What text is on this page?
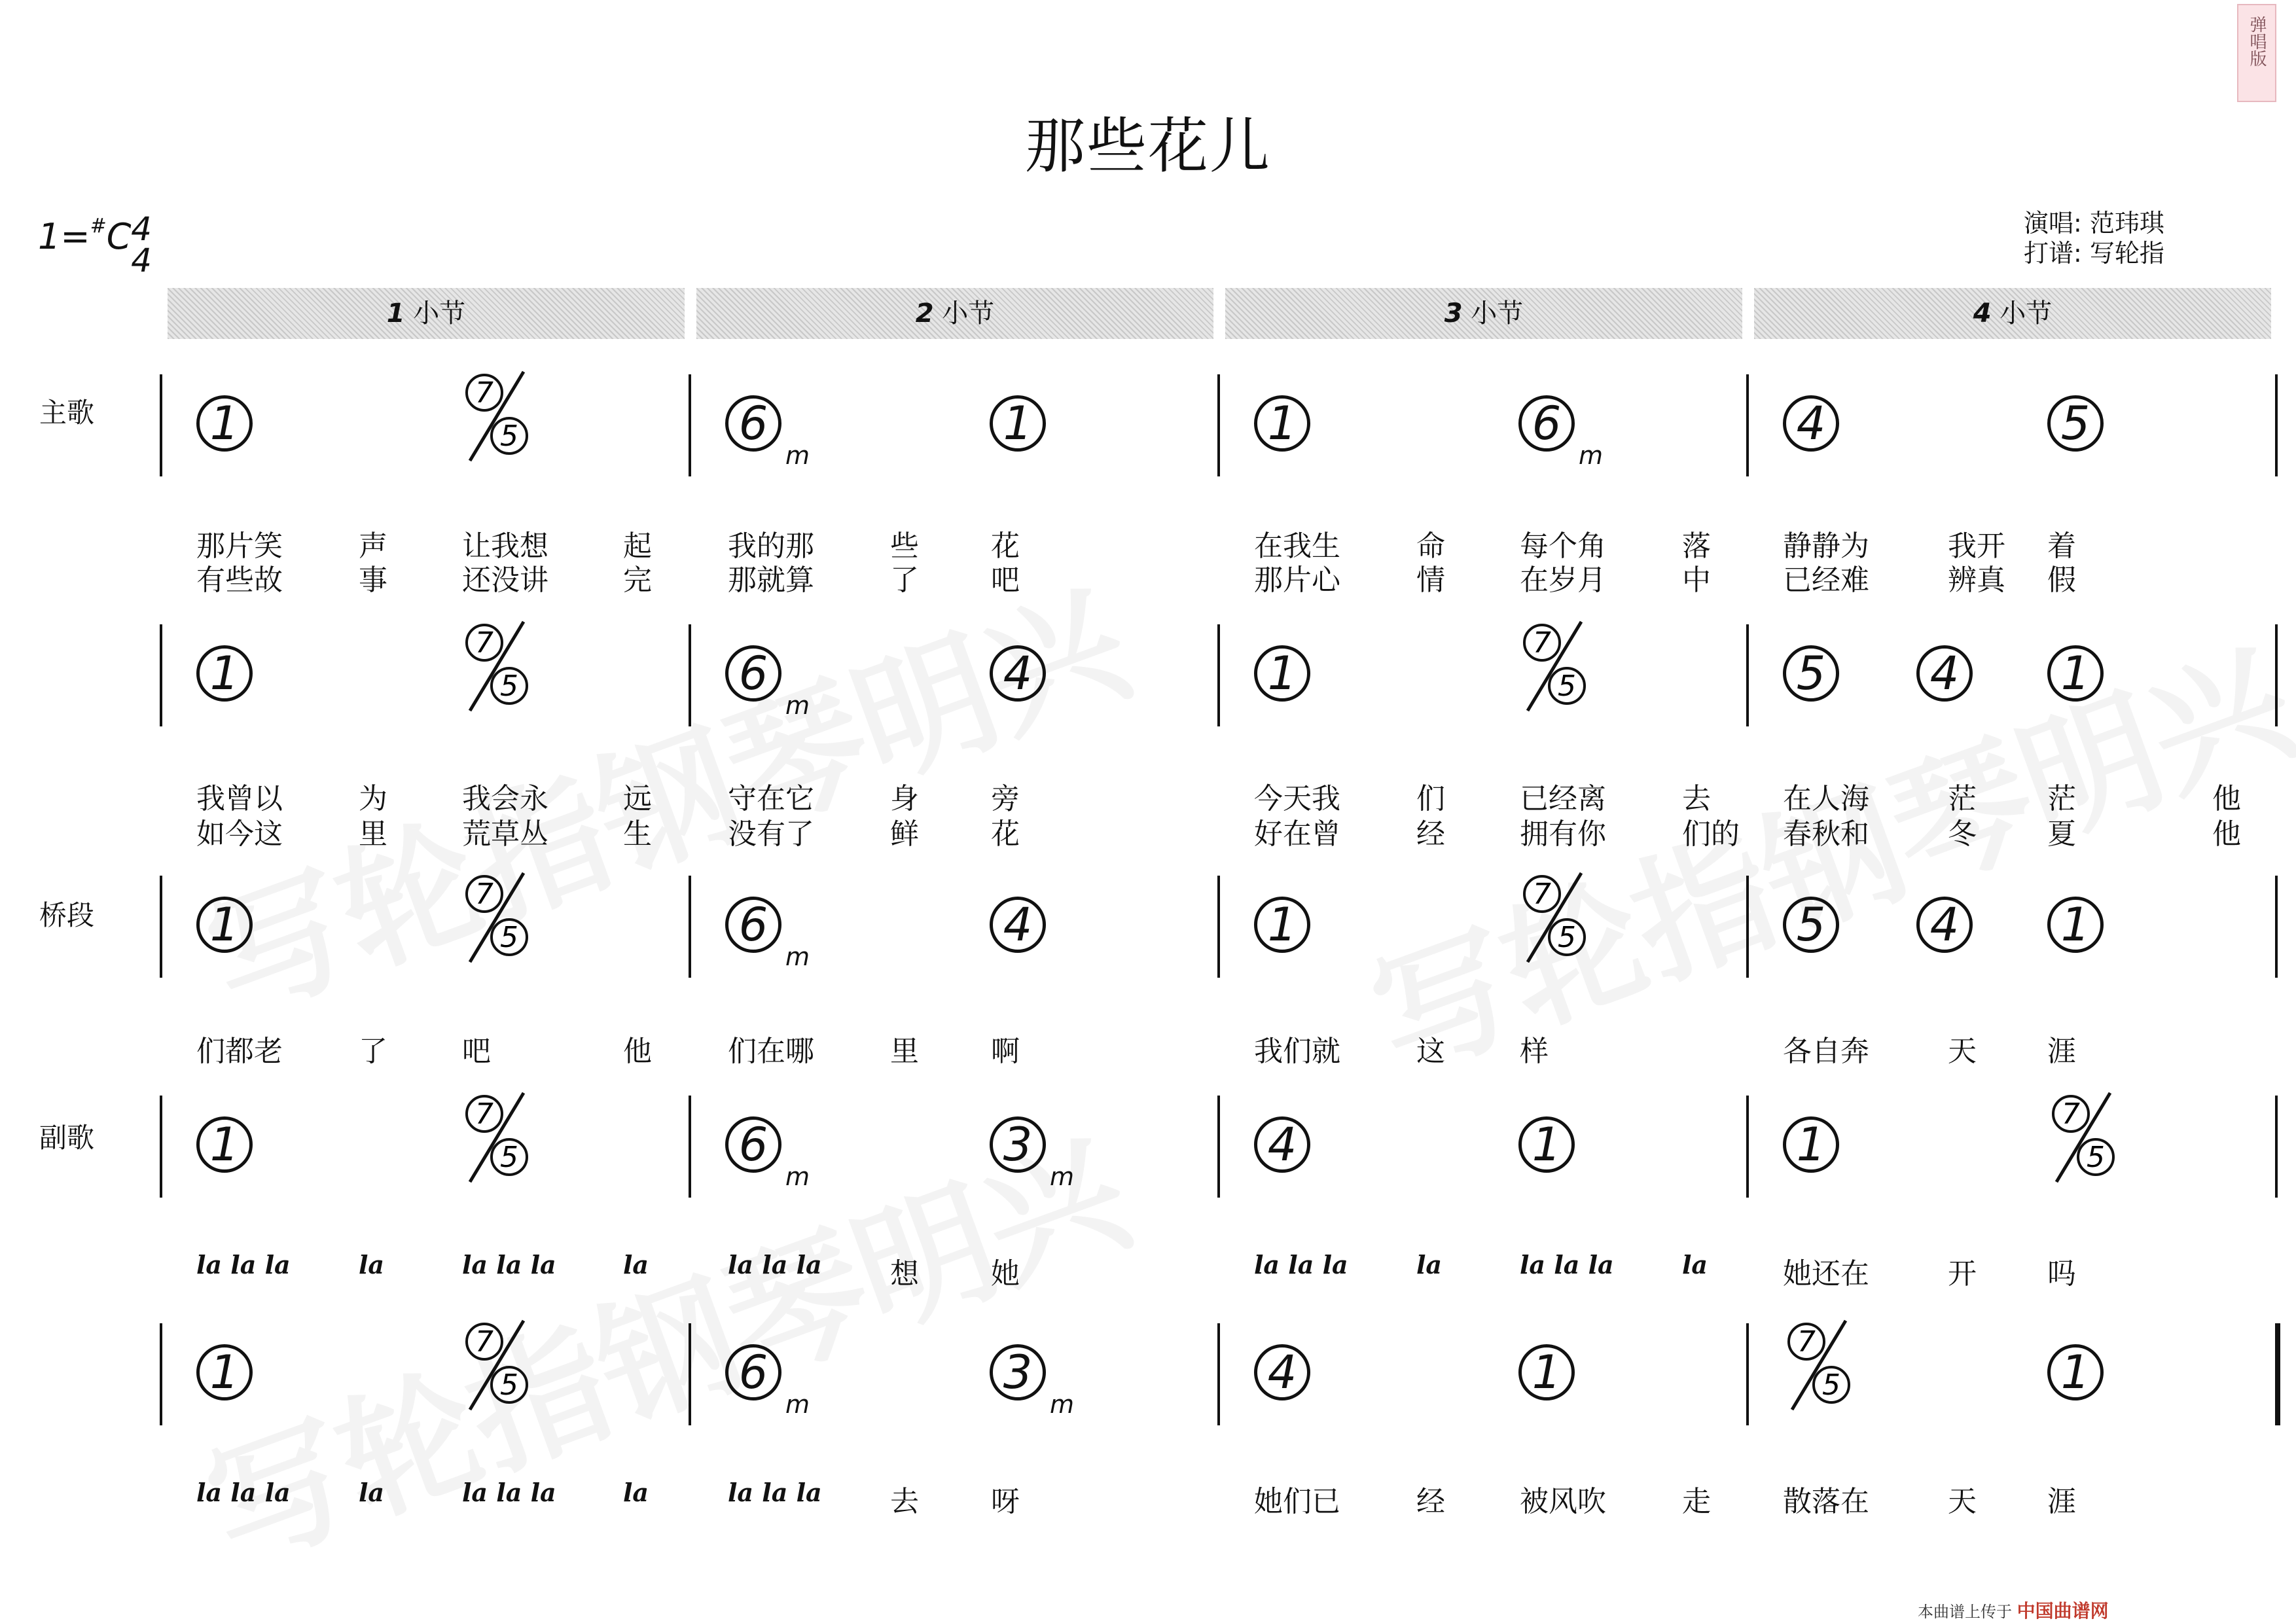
那些花儿
1=#C 4
4
演唱: 范玮琪
打谱: 写轮指
弹唱版
本曲谱上传于 中国曲谱网
1 小节	2 小节	3 小节	4 小节
主歌
桥段
副歌
1
7
5	6
m
1	1	6
m
4	5
那片笑	声	让我想	起	我的那	些	花	在我生	命	每个角	落	静静为	我开 着
有些故	事	还没讲	完	那就算	了	吧	那片心	情	在岁月	中	已经难	辨真 假
1
7
5	6
m
4	1
7
5	5 4 1
我曾以	为	我会永	远	守在它	身	旁	今天我	们	已经离	去	在人海	茫 茫	他
如今这	里	荒草丛	生	没有了	鲜	花	好在曾	经	拥有你	们的 春秋和	冬 夏	他
1
7
5	6
m
4	1
7
5	5 4 1
们都老	了	吧	他	们在哪	里	啊	我们就	这	样	各自奔	天 涯
1
7
5	6
m
3
m
4	1	1
7
5
la la la	la	la la la	la	la la la 想	她	la la la	la	la la la	la	她还在	开 吗
1
7
5	6
m
3
m
4	1
7
5	1
la la la	la	la la la	la	la la la 去	呀	她们已	经	被风吹	走	散落在	天 涯
